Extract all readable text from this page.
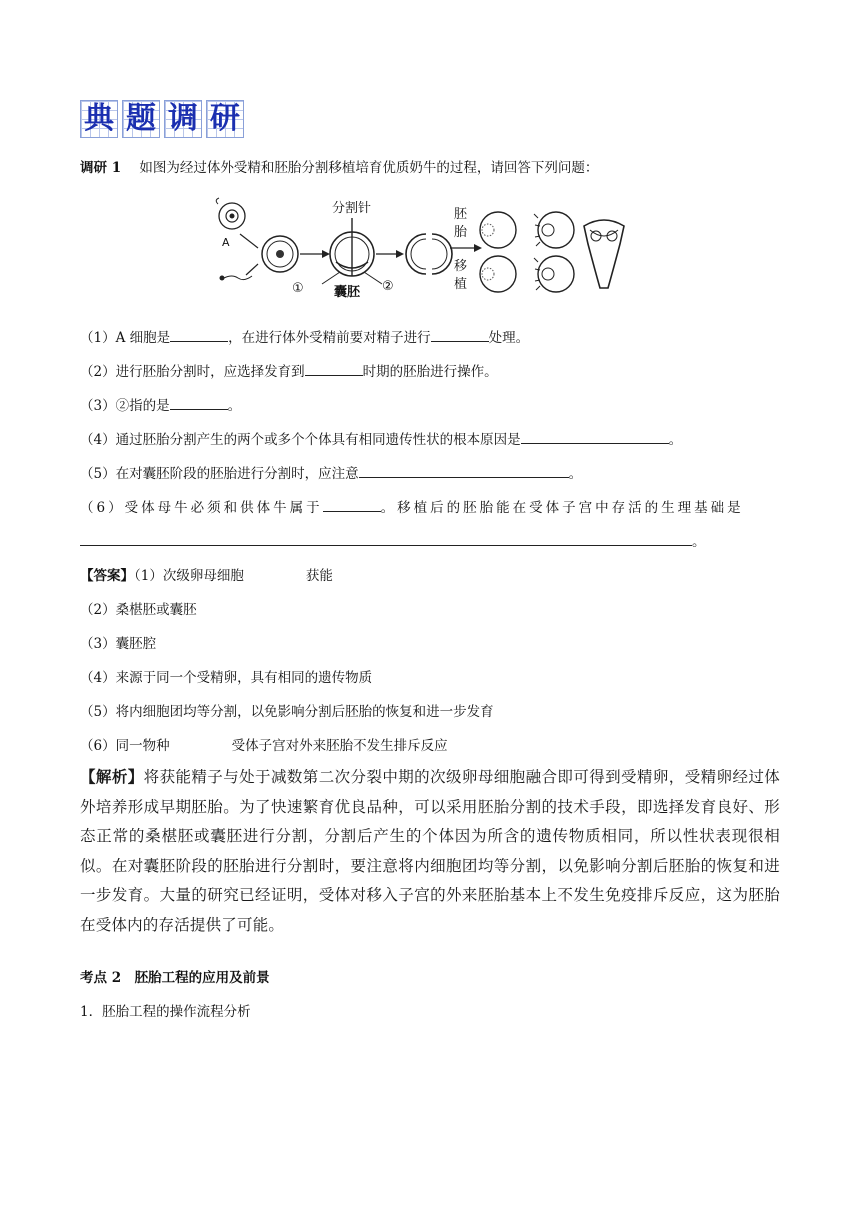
典 题 调 研
调研 1 如图为经过体外受精和胚胎分割移植培育优质奶牛的过程，请回答下列问题：
A
①
分割针
囊胚 ②
胚
胎
移
植
（1）A 细胞是	，在进行体外受精前要对精子进行	处理。
（2）进行胚胎分割时，应选择发育到	时期的胚胎进行操作。
（3）②指的是	。
（4）通过胚胎分割产生的两个或多个个体具有相同遗传性状的根本原因是	。
（5）在对囊胚阶段的胚胎进行分割时，应注意	。
（6）受体母牛必须和供体牛属于	。移植后的胚胎能在受体子宫中存活的生理基础是
。
【答案】（1）次级卵母细胞	获能
（2）桑椹胚或囊胚
（3）囊胚腔
（4）来源于同一个受精卵，具有相同的遗传物质
（5）将内细胞团均等分割，以免影响分割后胚胎的恢复和进一步发育
（6）同一物种	受体子宫对外来胚胎不发生排斥反应
【解析】将获能精子与处于减数第二次分裂中期的次级卵母细胞融合即可得到受精卵，受精卵经过体外培养形成早期胚胎。为了快速繁育优良品种，可以采用胚胎分割的技术手段，即选择发育良好、形态正常的桑椹胚或囊胚进行分割，分割后产生的个体因为所含的遗传物质相同，所以性状表现很相似。在对囊胚阶段的胚胎进行分割时，要注意将内细胞团均等分割，以免影响分割后胚胎的恢复和进一步发育。大量的研究已经证明，受体对移入子宫的外来胚胎基本上不发生免疫排斥反应，这为胚胎在受体内的存活提供了可能。
考点 2　胚胎工程的应用及前景
1．胚胎工程的操作流程分析
